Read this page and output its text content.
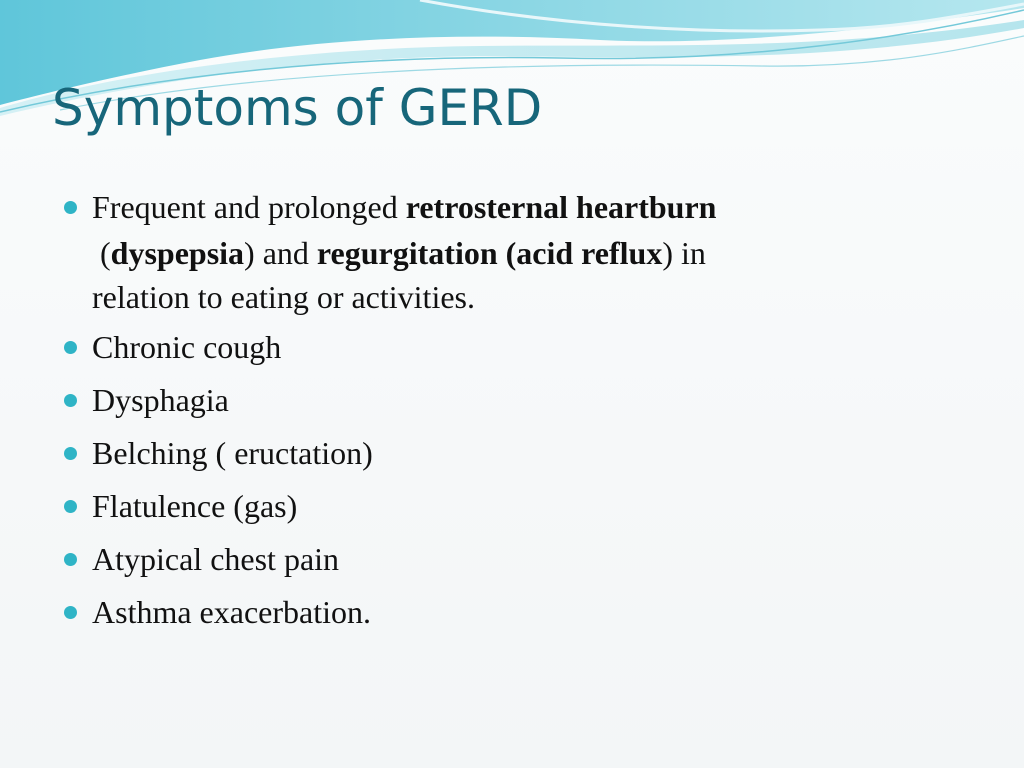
Symptoms of GERD
Frequent and prolonged retrosternal heartburn
(dyspepsia) and regurgitation (acid reflux) in
relation to eating or activities.
Chronic cough
Dysphagia
Belching ( eructation)
Flatulence (gas)
Atypical chest pain
Asthma exacerbation.
